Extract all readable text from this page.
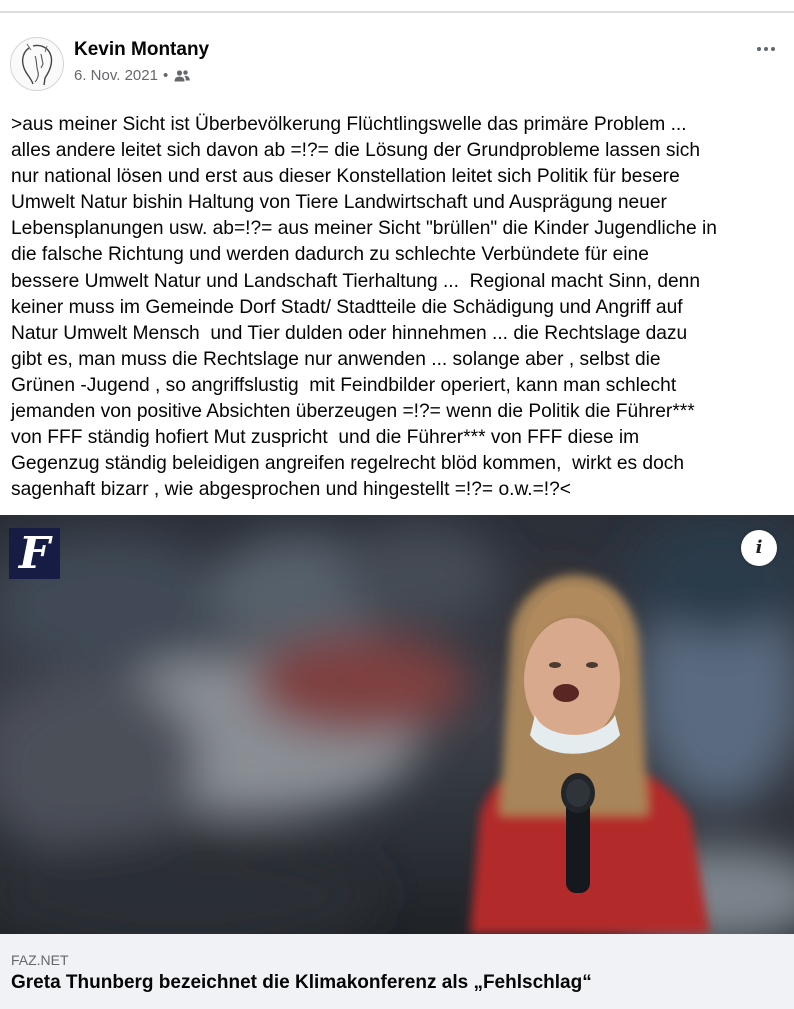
Kevin Montany
6. Nov. 2021 •
>aus meiner Sicht ist Überbevölkerung Flüchtlingswelle das primäre Problem ...
alles andere leitet sich davon ab =!?= die Lösung der Grundprobleme lassen sich
nur national lösen und erst aus dieser Konstellation leitet sich Politik für besere
Umwelt Natur bishin Haltung von Tiere Landwirtschaft und Ausprägung neuer
Lebensplanungen usw. ab=!?= aus meiner Sicht "brüllen" die Kinder Jugendliche in
die falsche Richtung und werden dadurch zu schlechte Verbündete für eine
bessere Umwelt Natur und Landschaft Tierhaltung ...  Regional macht Sinn, denn
keiner muss im Gemeinde Dorf Stadt/ Stadtteile die Schädigung und Angriff auf
Natur Umwelt Mensch  und Tier dulden oder hinnehmen ... die Rechtslage dazu
gibt es, man muss die Rechtslage nur anwenden ... solange aber , selbst die
Grünen -Jugend , so angriffslustig  mit Feindbilder operiert, kann man schlecht
jemanden von positive Absichten überzeugen =!?= wenn die Politik die Führer***
von FFF ständig hofiert Mut zuspricht  und die Führer*** von FFF diese im
Gegenzug ständig beleidigen angreifen regelrecht blöd kommen,  wirkt es doch
sagenhaft bizarr , wie abgesprochen und hingestellt =!?= o.w.=!?<
F	i
FAZ.NET
Greta Thunberg bezeichnet die Klimakonferenz als „Fehlschlag“
